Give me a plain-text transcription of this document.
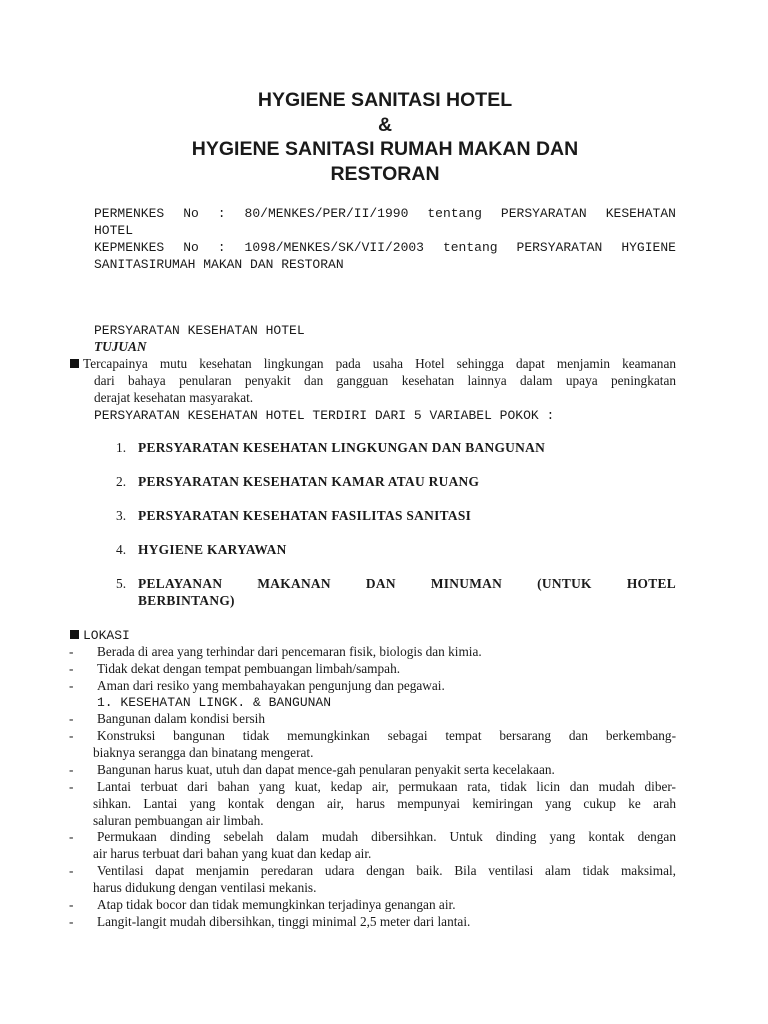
HYGIENE SANITASI HOTEL
&
HYGIENE SANITASI RUMAH MAKAN DAN
RESTORAN
PERMENKES No : 80/MENKES/PER/II/1990 tentang PERSYARATAN KESEHATAN
HOTEL
KEPMENKES No : 1098/MENKES/SK/VII/2003 tentang PERSYARATAN HYGIENE
SANITASIRUMAH MAKAN DAN RESTORAN
PERSYARATAN KESEHATAN HOTEL
TUJUAN
Tercapainya mutu kesehatan lingkungan pada usaha Hotel sehingga dapat menjamin keamanan
dari bahaya penularan penyakit dan gangguan kesehatan lainnya dalam upaya peningkatan
derajat kesehatan masyarakat.
PERSYARATAN KESEHATAN HOTEL TERDIRI DARI 5 VARIABEL POKOK :
1. PERSYARATAN KESEHATAN LINGKUNGAN DAN BANGUNAN
2. PERSYARATAN KESEHATAN KAMAR ATAU RUANG
3. PERSYARATAN KESEHATAN FASILITAS SANITASI
4. HYGIENE KARYAWAN
5. PELAYANAN	MAKANAN	DAN	MINUMAN	(UNTUK	HOTEL
BERBINTANG)
LOKASI
-	Berada di area yang terhindar dari pencemaran fisik, biologis dan kimia.
-	Tidak dekat dengan tempat pembuangan limbah/sampah.
-	Aman dari resiko yang membahayakan pengunjung dan pegawai.
1. KESEHATAN LINGK. & BANGUNAN
-	Bangunan dalam kondisi bersih
-	Konstruksi bangunan tidak memungkinkan sebagai tempat bersarang dan berkembang-
biaknya serangga dan binatang mengerat.
-	Bangunan harus kuat, utuh dan dapat mence-gah penularan penyakit serta kecelakaan.
-	Lantai terbuat dari bahan yang kuat, kedap air, permukaan rata, tidak licin dan mudah diber-
sihkan. Lantai yang kontak dengan air, harus mempunyai kemiringan yang cukup ke arah
saluran pembuangan air limbah.
-	Permukaan dinding sebelah dalam mudah dibersihkan. Untuk dinding yang kontak dengan
air harus terbuat dari bahan yang kuat dan kedap air.
-	Ventilasi dapat menjamin peredaran udara dengan baik. Bila ventilasi alam tidak maksimal,
harus didukung dengan ventilasi mekanis.
-	Atap tidak bocor dan tidak memungkinkan terjadinya genangan air.
-	Langit-langit mudah dibersihkan, tinggi minimal 2,5 meter dari lantai.
